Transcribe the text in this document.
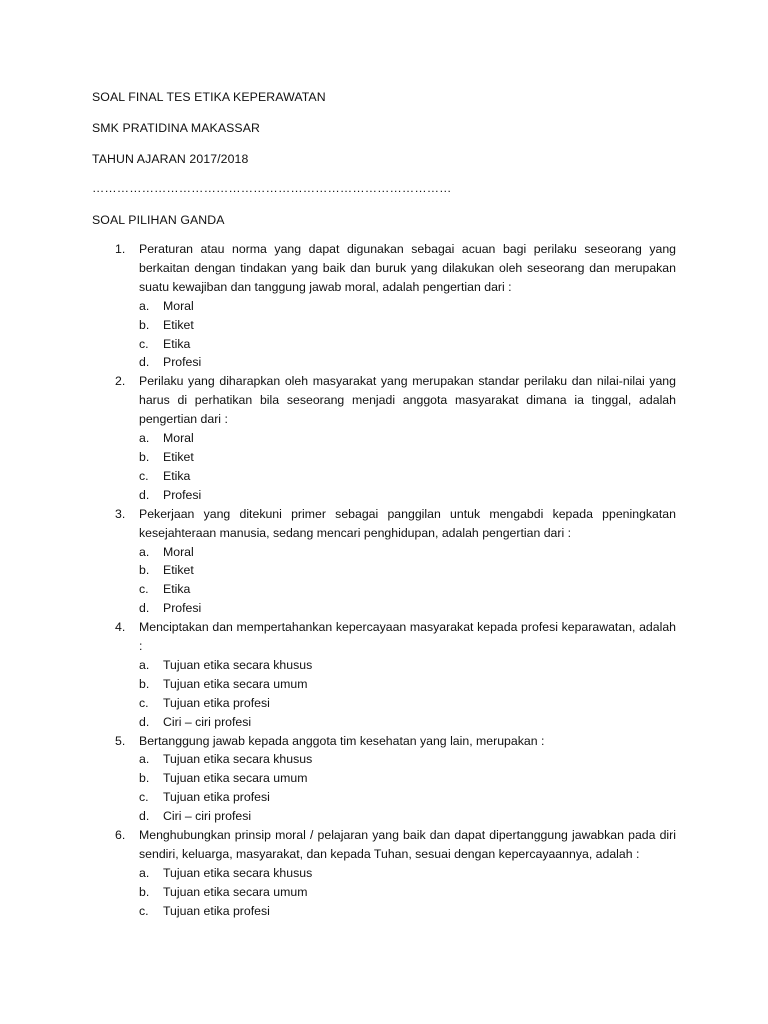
SOAL FINAL TES ETIKA KEPERAWATAN

SMK PRATIDINA MAKASSAR

TAHUN AJARAN 2017/2018

……………………………………………………………………………

SOAL PILIHAN GANDA

1. Peraturan atau norma yang dapat digunakan sebagai acuan bagi perilaku seseorang yang berkaitan dengan tindakan yang baik dan buruk yang dilakukan oleh seseorang dan merupakan suatu kewajiban dan tanggung jawab moral, adalah pengertian dari :

a. Moral
b. Etiket
c. Etika
d. Profesi
2. Perilaku yang diharapkan oleh masyarakat yang merupakan standar perilaku dan nilai-nilai yang harus di perhatikan bila seseorang menjadi anggota masyarakat dimana ia tinggal, adalah pengertian dari :

a. Moral
b. Etiket
c. Etika
d. Profesi
3. Pekerjaan yang ditekuni primer sebagai panggilan untuk mengabdi kepada ppeningkatan kesejahteraan manusia, sedang mencari penghidupan, adalah pengertian dari :

a. Moral
b. Etiket
c. Etika
d. Profesi
4. Menciptakan dan mempertahankan kepercayaan masyarakat kepada profesi keparawatan, adalah :

a. Tujuan etika secara khusus
b. Tujuan etika secara umum
c. Tujuan etika profesi
d. Ciri – ciri profesi
5. Bertanggung jawab kepada anggota tim kesehatan yang lain, merupakan :

a. Tujuan etika secara khusus
b. Tujuan etika secara umum
c. Tujuan etika profesi
d. Ciri – ciri profesi
6. Menghubungkan prinsip moral / pelajaran yang baik dan dapat dipertanggung jawabkan pada diri sendiri, keluarga, masyarakat, dan kepada Tuhan, sesuai dengan kepercayaannya, adalah :

a. Tujuan etika secara khusus
b. Tujuan etika secara umum
c. Tujuan etika profesi
